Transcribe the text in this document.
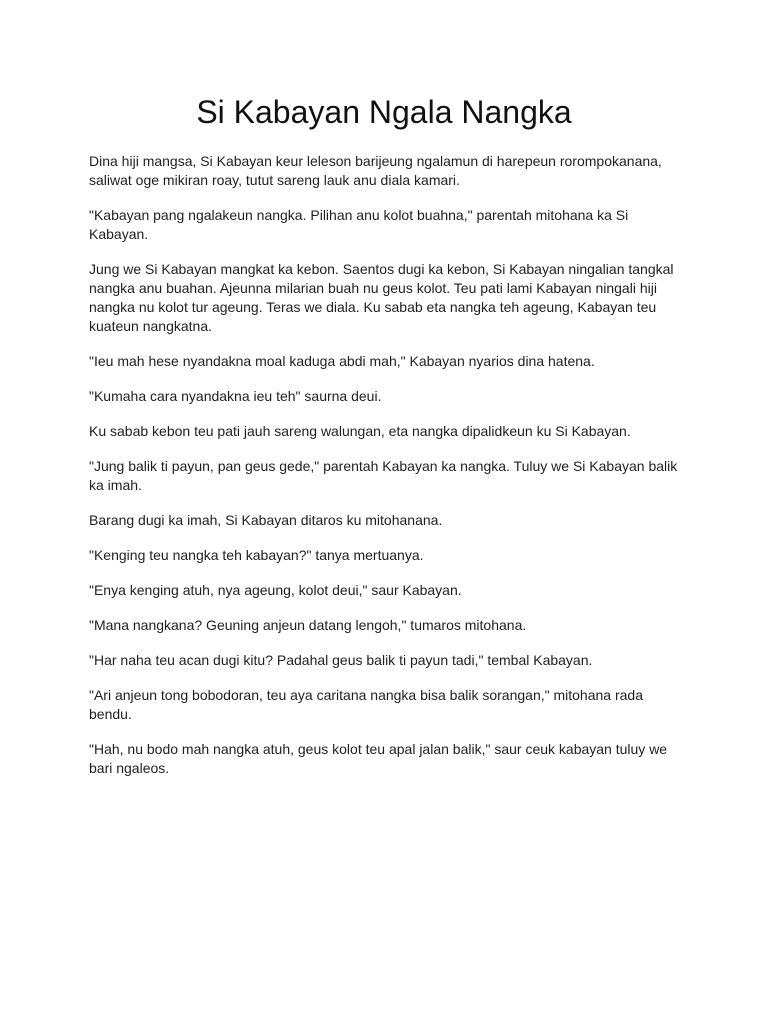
Si Kabayan Ngala Nangka

Dina hiji mangsa, Si Kabayan keur leleson barijeung ngalamun di harepeun rorompokanana, saliwat oge mikiran roay, tutut sareng lauk anu diala kamari.

"Kabayan pang ngalakeun nangka. Pilihan anu kolot buahna," parentah mitohana ka Si Kabayan.

Jung we Si Kabayan mangkat ka kebon. Saentos dugi ka kebon, Si Kabayan ningalian tangkal nangka anu buahan. Ajeunna milarian buah nu geus kolot. Teu pati lami Kabayan ningali hiji nangka nu kolot tur ageung. Teras we diala. Ku sabab eta nangka teh ageung, Kabayan teu kuateun nangkatna.

"Ieu mah hese nyandakna moal kaduga abdi mah," Kabayan nyarios dina hatena.

"Kumaha cara nyandakna ieu teh" saurna deui.

Ku sabab kebon teu pati jauh sareng walungan, eta nangka dipalidkeun ku Si Kabayan.

"Jung balik ti payun, pan geus gede," parentah Kabayan ka nangka. Tuluy we Si Kabayan balik ka imah.

Barang dugi ka imah, Si Kabayan ditaros ku mitohanana.

"Kenging teu nangka teh kabayan?" tanya mertuanya.

"Enya kenging atuh, nya ageung, kolot deui," saur Kabayan.

"Mana nangkana? Geuning anjeun datang lengoh," tumaros mitohana.

"Har naha teu acan dugi kitu? Padahal geus balik ti payun tadi," tembal Kabayan.

"Ari anjeun tong bobodoran, teu aya caritana nangka bisa balik sorangan," mitohana rada bendu.

"Hah, nu bodo mah nangka atuh, geus kolot teu apal jalan balik," saur ceuk kabayan tuluy we bari ngaleos.
